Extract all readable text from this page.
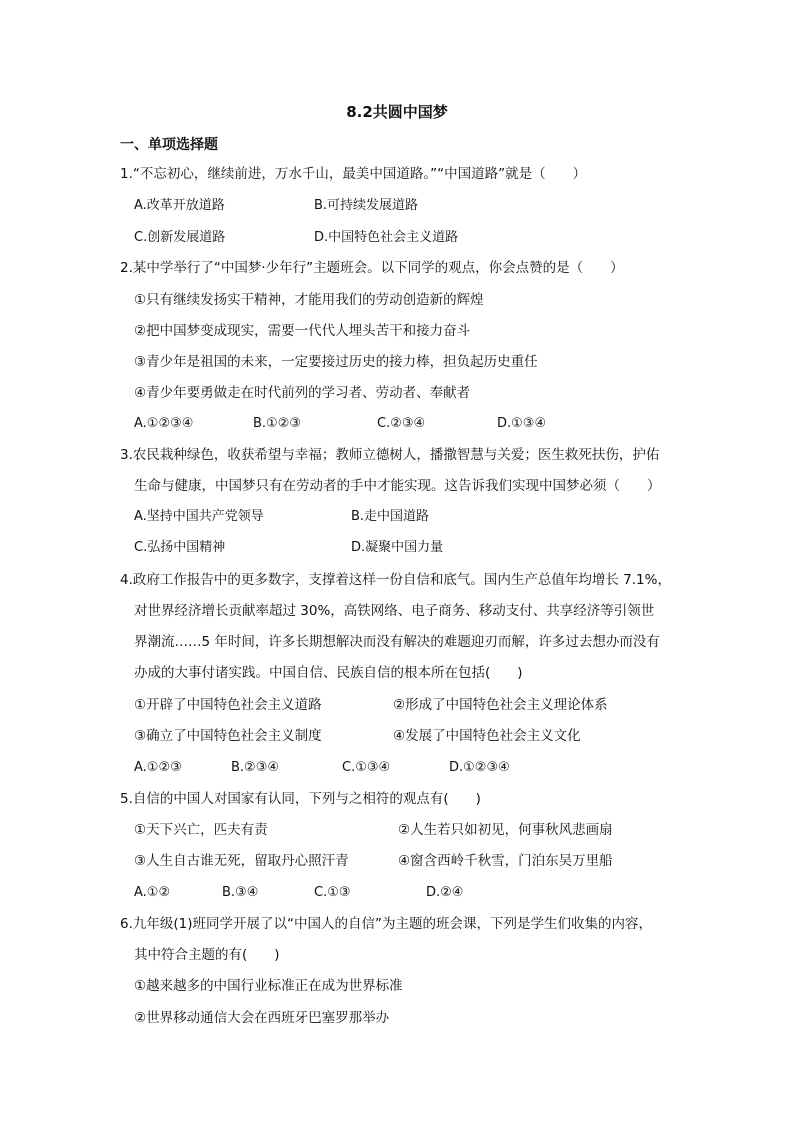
8.2共圆中国梦
一、单项选择题
1.“不忘初心，继续前进，万水千山，最美中国道路。”“中国道路”就是（　　）
A.改革开放道路	B.可持续发展道路
C.创新发展道路	D.中国特色社会主义道路
2.某中学举行了“中国梦·少年行”主题班会。以下同学的观点，你会点赞的是（　　）
①只有继续发扬实干精神，才能用我们的劳动创造新的辉煌
②把中国梦变成现实，需要一代代人埋头苦干和接力奋斗
③青少年是祖国的未来，一定要接过历史的接力棒，担负起历史重任
④青少年要勇做走在时代前列的学习者、劳动者、奉献者
A.①②③④	B.①②③	C.②③④	D.①③④
3.农民栽种绿色，收获希望与幸福；教师立德树人，播撒智慧与关爱；医生救死扶伤，护佑
生命与健康，中国梦只有在劳动者的手中才能实现。这告诉我们实现中国梦必须（　　）
A.坚持中国共产党领导	B.走中国道路
C.弘扬中国精神	D.凝聚中国力量
4.政府工作报告中的更多数字，支撑着这样一份自信和底气。国内生产总值年均增长 7.1%，
对世界经济增长贡献率超过 30%，高铁网络、电子商务、移动支付、共享经济等引领世
界潮流……5 年时间，许多长期想解决而没有解决的难题迎刃而解，许多过去想办而没有
办成的大事付诸实践。中国自信、民族自信的根本所在包括(　　)
①开辟了中国特色社会主义道路	②形成了中国特色社会主义理论体系
③确立了中国特色社会主义制度	④发展了中国特色社会主义文化
A.①②③	B.②③④	C.①③④	D.①②③④
5.自信的中国人对国家有认同，下列与之相符的观点有(　　)
①天下兴亡，匹夫有责	②人生若只如初见，何事秋风悲画扇
③人生自古谁无死，留取丹心照汗青	④窗含西岭千秋雪，门泊东吴万里船
A.①②	B.③④	C.①③	D.②④
6.九年级(1)班同学开展了以“中国人的自信”为主题的班会课，下列是学生们收集的内容，
其中符合主题的有(　　)
①越来越多的中国行业标准正在成为世界标准
②世界移动通信大会在西班牙巴塞罗那举办
